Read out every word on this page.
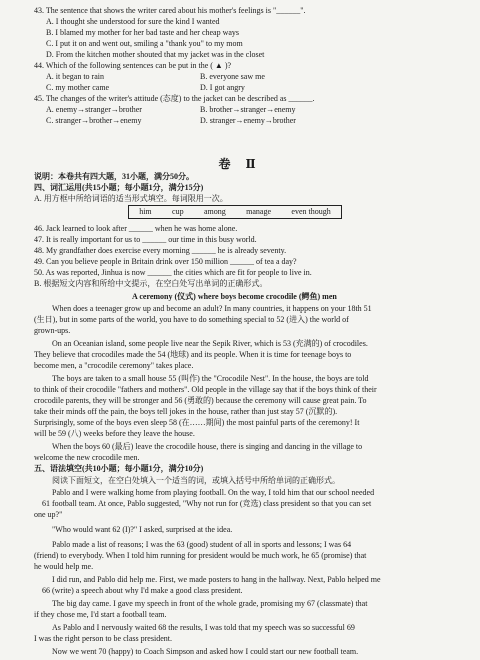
卷 Ⅱ
him	cup	among	manage	even though
43. The sentence that shows the writer cared about his mother's feelings is "______".
A. I thought she understood for sure the kind I wanted
B. I blamed my mother for her bad taste and her cheap ways
C. I put it on and went out, smiling a "thank you" to my mom
D. From the kitchen mother shouted that my jacket was in the closet
44. Which of the following sentences can be put in the ( ▲ )?
45. The changes of the writer's attitude (态度) to the jacket can be described as ______.
说明：本卷共有四大题，31小题，满分50分。
四、词汇运用(共15小题；每小题1分，满分15分)
A. 用方框中所给词语的适当形式填空。每词限用一次。
46. Jack learned to look after ______ when he was home alone.
47. It is really important for us to ______ our time in this busy world.
48. My grandfather does exercise every morning ______ he is already seventy.
49. Can you believe people in Britain drink over 150 million ______ of tea a day?
50. As was reported, Jinhua is now ______ the cities which are fit for people to live in.
B. 根据短文内容和所给中文提示，在空白处写出单词的正确形式。
A ceremony (仪式) where boys become crocodile (鳄鱼) men
When does a teenager grow up and become an adult? In many countries, it happens on your 18th 51
(生日), but in some parts of the world, you have to do something special to 52 (进入) the world of
grown-ups.
On an Oceanian island, some people live near the Sepik River, which is 53 (充满的) of crocodiles.
They believe that crocodiles made the 54 (地球) and its people. When it is time for teenage boys to
become men, a "crocodile ceremony" takes place.
The boys are taken to a small house 55 (叫作) the "Crocodile Nest". In the house, the boys are told
to think of their crocodile "fathers and mothers". Old people in the village say that if the boys think of their
crocodile parents, they will be stronger and 56 (勇敢的) because the ceremony will cause great pain. To
take their minds off the pain, the boys tell jokes in the house, rather than just stay 57 (沉默的).
Surprisingly, some of the boys even sleep 58 (在……期间) the most painful parts of the ceremony! It
will be 59 (八) weeks before they leave the house.
When the boys 60 (最后) leave the crocodile house, there is singing and dancing in the village to
welcome the new crocodile men.
五、语法填空(共10小题；每小题1分，满分10分)
阅读下面短文，在空白处填入一个适当的词，或填入括号中所给单词的正确形式。
Pablo and I were walking home from playing football. On the way, I told him that our school needed
61 football team. At once, Pablo suggested, "Why not run for (竞选) class president so that you can set
one up?"
"Who would want 62 (I)?" I asked, surprised at the idea.
Pablo made a list of reasons; I was the 63 (good) student of all in sports and lessons; I was 64
(friend) to everybody. When I told him running for president would be much work, he 65 (promise) that
he would help me.
I did run, and Pablo did help me. First, we made posters to hang in the hallway. Next, Pablo helped me
66 (write) a speech about why I'd make a good class president.
The big day came. I gave my speech in front of the whole grade, promising my 67 (classmate) that
if they chose me, I'd start a football team.
As Pablo and I nervously waited 68 the results, I was told that my speech was so successful 69
I was the right person to be class president.
Now we went 70 (happy) to Coach Simpson and asked how I could start our new football team.
A. it began to rain	B. everyone saw me
C. my mother came	D. I got angry
A. enemy→stranger→brother	B. brother→stranger→enemy
C. stranger→brother→enemy	D. stranger→enemy→brother
